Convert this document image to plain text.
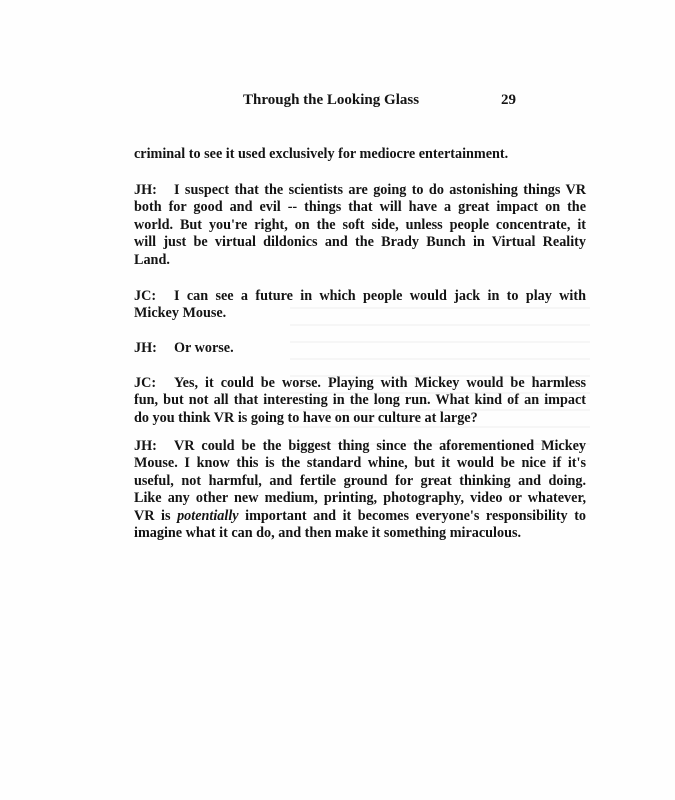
Through the Looking Glass	29
criminal to see it used exclusively for mediocre entertainment.
JH: I suspect that the scientists are going to do astonishing things VR
both for good and evil -- things that will have a great impact on the
world. But you're right, on the soft side, unless people concentrate, it
will just be virtual dildonics and the Brady Bunch in Virtual Reality
Land.
JC: I can see a future in which people would jack in to play with
Mickey Mouse.
JH: Or worse.
JC: Yes, it could be worse. Playing with Mickey would be harmless
fun, but not all that interesting in the long run. What kind of an impact
do you think VR is going to have on our culture at large?
JH: VR could be the biggest thing since the aforementioned Mickey
Mouse. I know this is the standard whine, but it would be nice if it's
useful, not harmful, and fertile ground for great thinking and doing.
Like any other new medium, printing, photography, video or whatever,
VR is potentially important and it becomes everyone's responsibility to
imagine what it can do, and then make it something miraculous.
